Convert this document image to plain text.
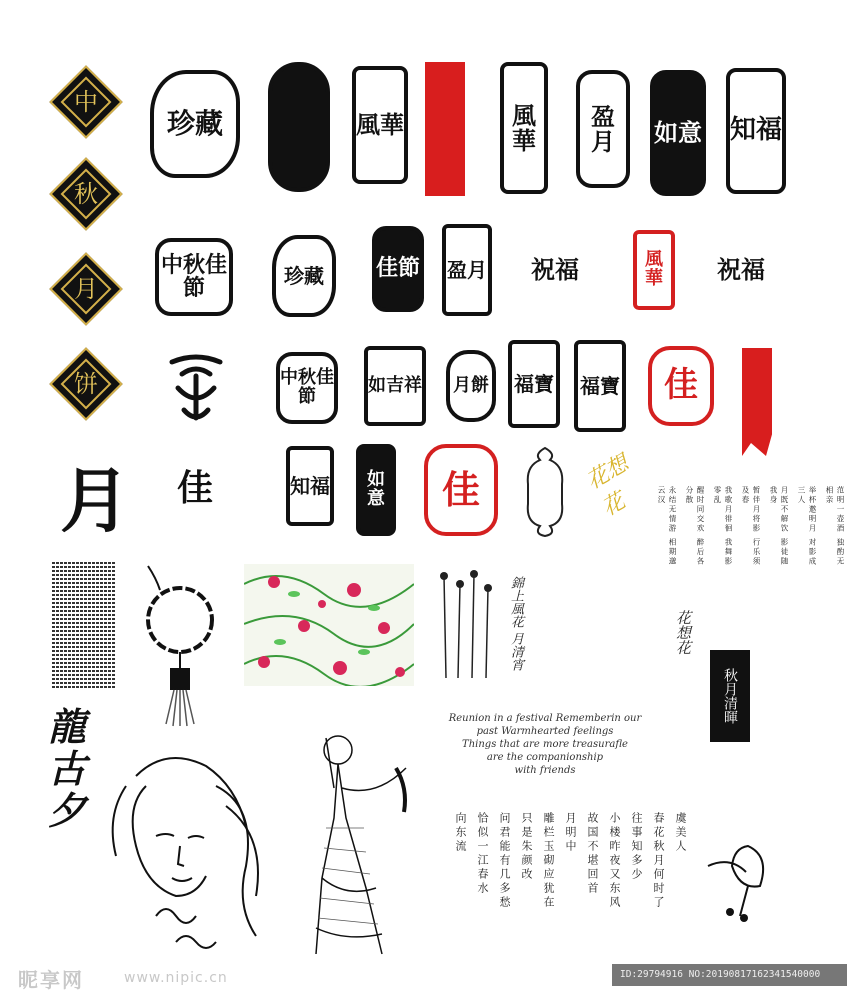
中
秋
月
饼
珍藏	風華	風華
盈月	如意 知福
中秋佳節	珍藏 佳節 盈月 祝福	風華	祝福
中秋佳節
如吉祥 月餅 福寶 福寶 佳
月 佳	知福	如意 佳	花想花	范明一壶酒 独酌无相亲
举杯邀明月 对影成三人
月既不解饮 影徒随我身
暂伴月将影 行乐须及春
我歌月徘徊 我舞影零乱
醒时同交欢 醉后各分散
永结无情游 相期邈云汉
錦上風花 月清宵	花想花
秋月清暉
龍古夕
Reunion in a festival Rememberin our
past Warmhearted feelings
Things that are more treasurafle
are the companionship
with friends
虞美人
春花秋月何时了
往事知多少
小楼昨夜又东风
故国不堪回首
月明中
雕栏玉砌应犹在
只是朱颜改
问君能有几多愁
恰似一江春水
向东流
昵享网	www.nipic.cn	ID:29794916 NO:20190817162341540000
